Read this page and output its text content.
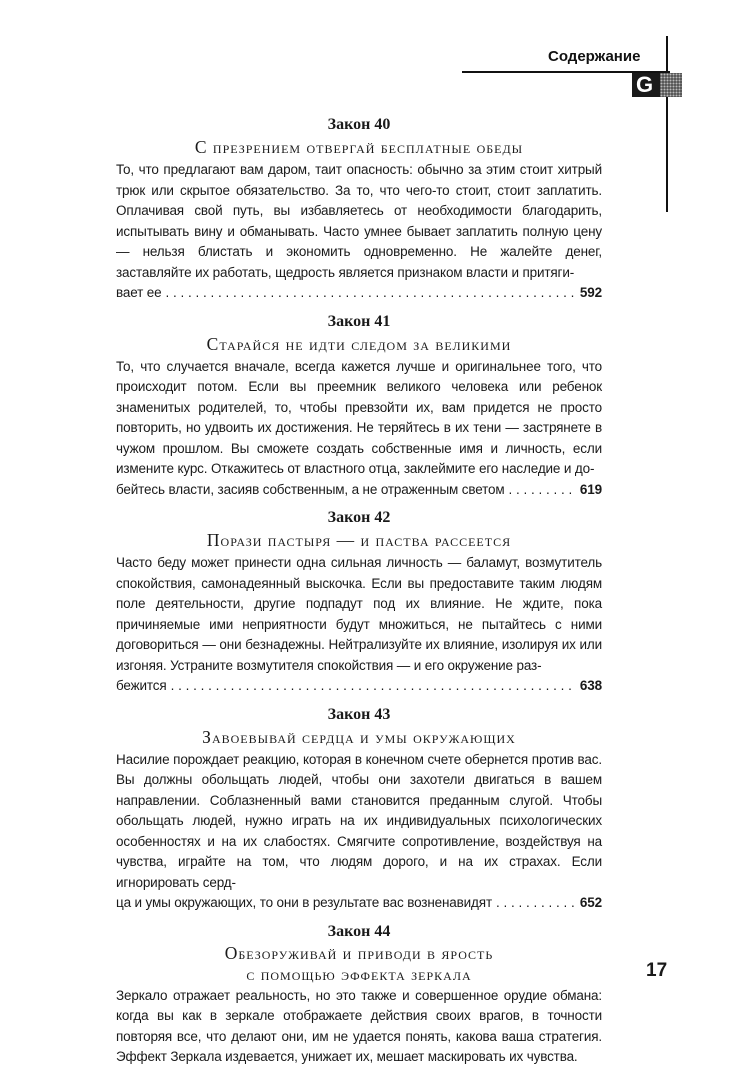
Содержание
G

Закон 40

С презрением отвергай бесплатные обеды

То, что предлагают вам даром, таит опасность: обычно за этим стоит хитрый трюк или скрытое обязательство. За то, что чего-то стоит, стоит заплатить. Оплачивая свой путь, вы избавляетесь от необходимости благодарить, испытывать вину и обманывать. Часто умнее бывает заплатить полную цену — нельзя блистать и экономить одновременно. Не жалейте денег, заставляйте их работать, щедрость является признаком власти и притяги-

вает ее . . .	592

Закон 41

Старайся не идти следом за великими

То, что случается вначале, всегда кажется лучше и оригинальнее того, что происходит потом. Если вы преемник великого человека или ребенок знаменитых родителей, то, чтобы превзойти их, вам придется не просто повторить, но удвоить их достижения. Не теряйтесь в их тени — застрянете в чужом прошлом. Вы сможете создать собственные имя и личность, если измените курс. Откажитесь от властного отца, заклеймите его наследие и до-

бейтесь власти, засияв собственным, а не отраженным светом . . .	619

Закон 42

Порази пастыря — и паства рассеется

Часто беду может принести одна сильная личность — баламут, возмутитель спокойствия, самонадеянный выскочка. Если вы предоставите таким людям поле деятельности, другие подпадут под их влияние. Не ждите, пока причиняемые ими неприятности будут множиться, не пытайтесь с ними договориться — они безнадежны. Нейтрализуйте их влияние, изолируя их или изгоняя. Устраните возмутителя спокойствия — и его окружение раз-

бежится . . .	638

Закон 43

Завоевывай сердца и умы окружающих

Насилие порождает реакцию, которая в конечном счете обернется против вас. Вы должны обольщать людей, чтобы они захотели двигаться в вашем направлении. Соблазненный вами становится преданным слугой. Чтобы обольщать людей, нужно играть на их индивидуальных психологических особенностях и на их слабостях. Смягчите сопротивление, воздействуя на чувства, играйте на том, что людям дорого, и на их страхах. Если игнорировать серд-

ца и умы окружающих, то они в результате вас возненавидят . . .	652

Закон 44

Обезоруживай и приводи в ярость

с помощью эффекта зеркала

Зеркало отражает реальность, но это также и совершенное орудие обмана: когда вы как в зеркале отображаете действия своих врагов, в точности повторяя все, что делают они, им не удается понять, какова ваша стратегия. Эффект Зеркала издевается, унижает их, мешает маскировать их чувства.

17
